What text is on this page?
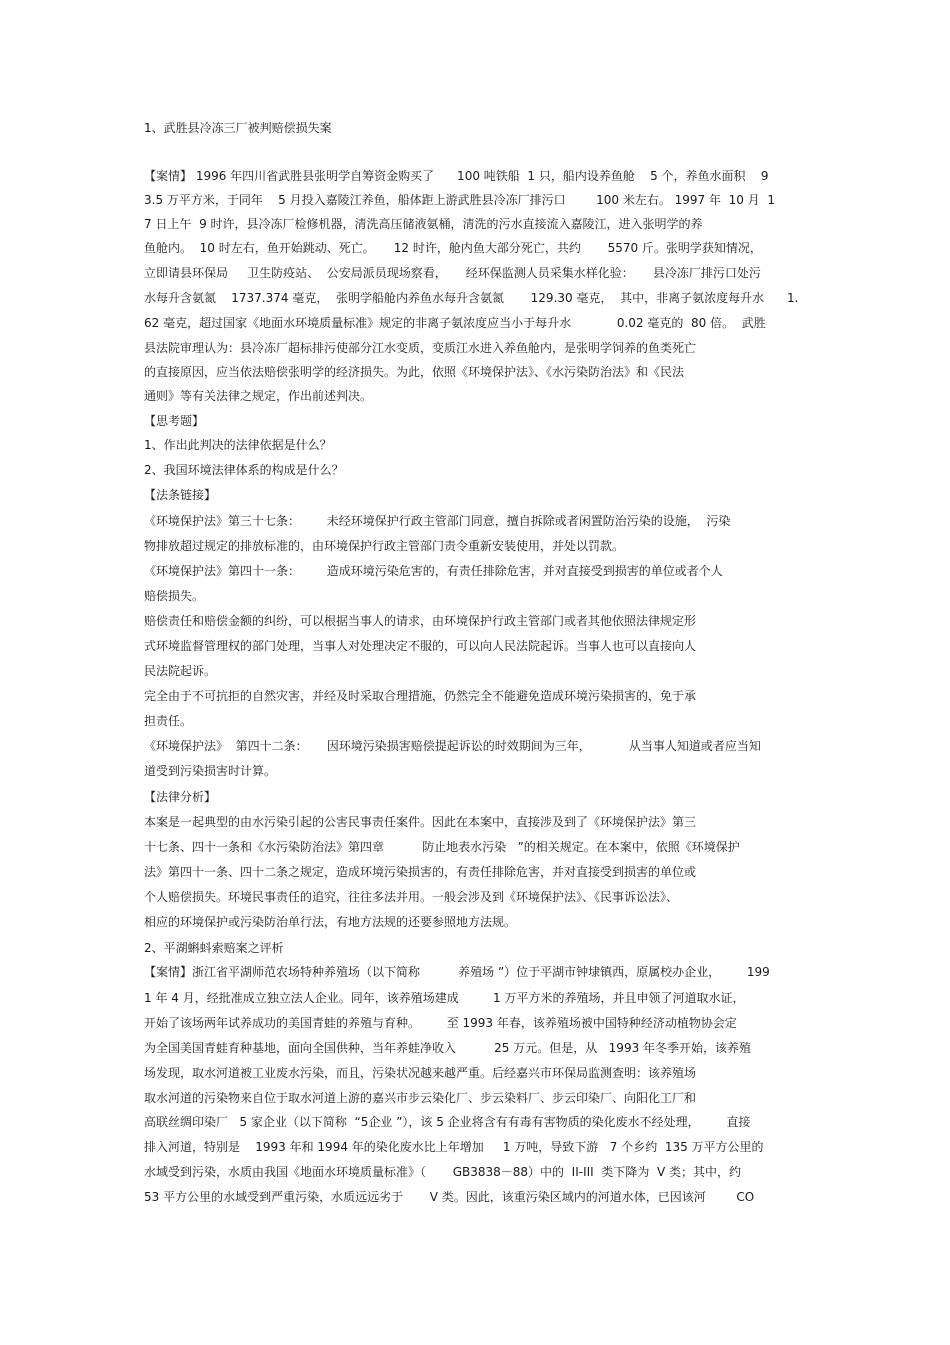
1、武胜县冷冻三厂被判赔偿损失案
【案情】 1996 年四川省武胜县张明学自筹资金购买了      100 吨铁船  1 只，船内设养鱼舱    5 个，养鱼水面积    9
3.5 万平方米，于同年    5 月投入嘉陵江养鱼，船体距上游武胜县冷冻厂排污口        100 米左右。 1997 年  10 月  1
7 日上午  9 时许，县冷冻厂检修机器，清洗高压储液氨桶，清洗的污水直接流入嘉陵江，进入张明学的养
鱼舱内。  10 时左右，鱼开始跳动、死亡。     12 时许，舱内鱼大部分死亡，共约       5570 斤。张明学获知情况，
立即请县环保局     卫生防疫站、  公安局派员现场察看，     经环保监测人员采集水样化验：     县冷冻厂排污口处污
水每升含氨氮    1737.374 毫克，  张明学船舱内养鱼水每升含氨氮       129.30 毫克，  其中，非离子氨浓度每升水      1.
62 毫克，超过国家《地面水环境质量标准》规定的非离子氨浓度应当小于每升水            0.02 毫克的  80 倍。  武胜
县法院审理认为：县冷冻厂超标排污使部分江水变质，变质江水进入养鱼舱内，是张明学饲养的鱼类死亡
的直接原因，应当依法赔偿张明学的经济损失。为此，依照《环境保护法》、《水污染防治法》和《民法
通则》等有关法律之规定，作出前述判决。
【思考题】
1、作出此判决的法律依据是什么？
2、我国环境法律体系的构成是什么？
【法条链接】
《环境保护法》第三十七条：       未经环境保护行政主管部门同意，擅自拆除或者闲置防治污染的设施，  污染
物排放超过规定的排放标准的，由环境保护行政主管部门责令重新安装使用，并处以罚款。
《环境保护法》第四十一条：       造成环境污染危害的，有责任排除危害，并对直接受到损害的单位或者个人
赔偿损失。
赔偿责任和赔偿金额的纠纷，可以根据当事人的请求，由环境保护行政主管部门或者其他依照法律规定形
式环境监督管理权的部门处理，当事人对处理决定不服的，可以向人民法院起诉。当事人也可以直接向人
民法院起诉。
完全由于不可抗拒的自然灾害，并经及时采取合理措施，仍然完全不能避免造成环境污染损害的，免于承
担责任。
《环境保护法》  第四十二条：     因环境污染损害赔偿提起诉讼的时效期间为三年，          从当事人知道或者应当知
道受到污染损害时计算。
【法律分析】
本案是一起典型的由水污染引起的公害民事责任案件。因此在本案中，直接涉及到了《环境保护法》第三
十七条、四十一条和《水污染防治法》第四章          防止地表水污染   ”的相关规定。在本案中，依照《环境保护
法》第四十一条、四十二条之规定，造成环境污染损害的，有责任排除危害，并对直接受到损害的单位或
个人赔偿损失。环境民事责任的追究，往往多法并用。一般会涉及到《环境保护法》、《民事诉讼法》、
相应的环境保护或污染防治单行法，有地方法规的还要参照地方法规。
2、平湖蝌蚪索赔案之评析
【案情】浙江省平湖师范农场特种养殖场（以下简称          养殖场 ”）位于平湖市钟埭镇西，原属校办企业，       199
1 年 4 月，经批准成立独立法人企业。同年，该养殖场建成         1 万平方米的养殖场，并且申领了河道取水证，
开始了该场两年试养成功的美国青蛙的养殖与育种。       至 1993 年春，该养殖场被中国特种经济动植物协会定
为全国美国青蛙育种基地，面向全国供种，当年养蛙净收入          25 万元。但是，从   1993 年冬季开始，该养殖
场发现，取水河道被工业废水污染，而且，污染状况越来越严重。后经嘉兴市环保局监测查明：该养殖场
取水河道的污染物来自位于取水河道上游的嘉兴市步云染化厂、步云染料厂、步云印染厂、向阳化工厂和
高联丝绸印染厂   5 家企业（以下简称  “5企业 ”），该 5 企业将含有有毒有害物质的染化废水不经处理，       直接
排入河道，特别是    1993 年和 1994 年的染化废水比上年增加     1 万吨，导致下游   7 个乡约  135 万平方公里的
水域受到污染，水质由我国《地面水环境质量标准》（       GB3838－88）中的  II-III  类下降为  V 类；其中，约
53 平方公里的水域受到严重污染，水质远远劣于       V 类。因此，该重污染区域内的河道水体，已因该河        CO
